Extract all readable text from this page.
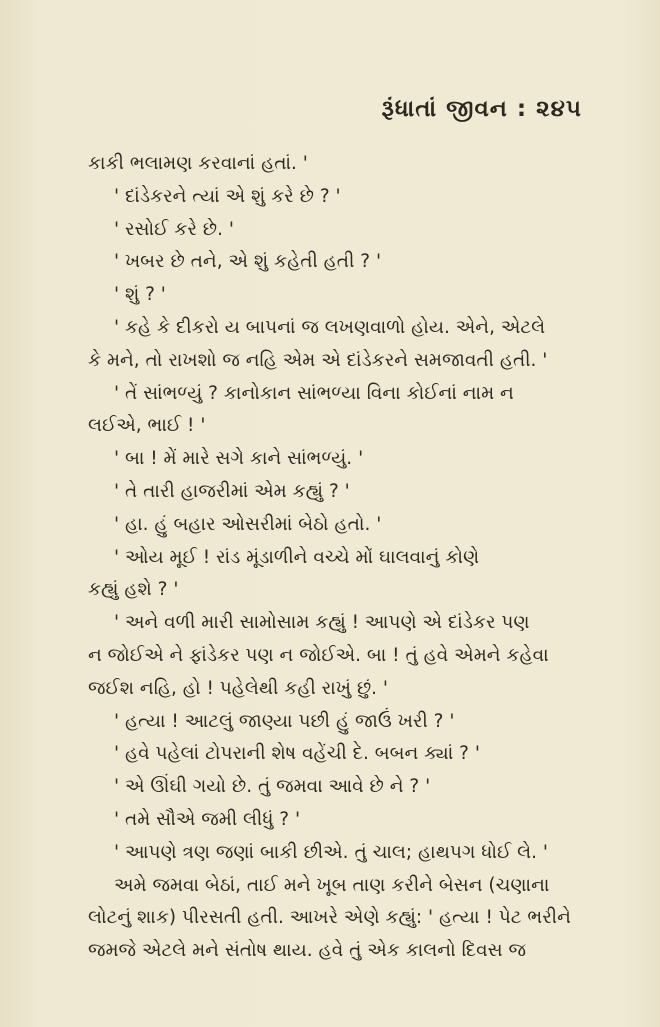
રૂંધાતાં જીવન : ૨૪૫
કાકી ભલામણ કરવાનાં હતાં. '
' દાંડેકરને ત્યાં એ શું કરે છે ? '
' રસોઈ કરે છે. '
' ખબર છે તને, એ શું કહેતી હતી ? '
' શું ? '
' કહે કે દીકરો ય બાપનાં જ લખણવાળો હોય. એને, એટલે
કે મને, તો રાખશો જ નહિ એમ એ દાંડેકરને સમજાવતી હતી. '
' તેં સાંભળ્યું ? કાનોકાન સાંભળ્યા વિના કોઈનાં નામ ન
લઈએ, ભાઈ ! '
' બા ! મેં મારે સગે કાને સાંભળ્યું. '
' તે તારી હાજરીમાં એમ કહ્યું ? '
' હા. હું બહાર ઓસરીમાં બેઠો હતો. '
' ઓય મૂઈ ! રાંડ મૂંડાળીને વચ્ચે મોં ઘાલવાનું કોણે
કહ્યું હશે ? '
' અને વળી મારી સામોસામ કહ્યું ! આપણે એ દાંડેકર પણ
ન જોઈએ ને ફાંડેકર પણ ન જોઈએ. બા ! તું હવે એમને કહેવા
જઈશ નહિ, હો ! પહેલેથી કહી રાખું છું. '
' હત્યા ! આટલું જાણ્યા પછી હું જાઉં ખરી ? '
' હવે પહેલાં ટોપરાની શેષ વહેંચી દે. બબન ક્યાં ? '
' એ ઊંઘી ગયો છે. તું જમવા આવે છે ને ? '
' તમે સૌએ જમી લીધું ? '
' આપણે ત્રણ જણાં બાકી છીએ. તું ચાલ; હાથપગ ધોઈ લે. '
અમે જમવા બેઠાં, તાઈ મને ખૂબ તાણ કરીને બેસન (ચણાના
લોટનું શાક) પીરસતી હતી. આખરે એણે કહ્યું: ' હત્યા ! પેટ ભરીને
જમજે એટલે મને સંતોષ થાય. હવે તું એક કાલનો દિવસ જ
